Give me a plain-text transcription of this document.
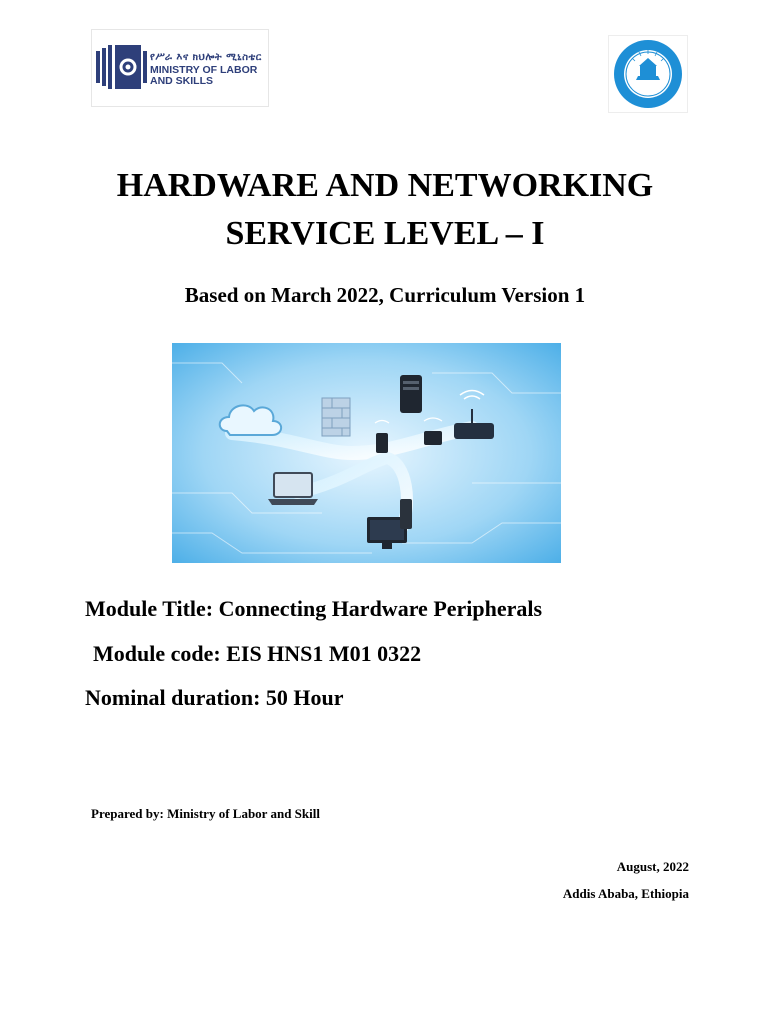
የሥራ እና ክህሎት ሚኒስቴር
MINISTRY OF LABOR AND SKILLS
HARDWARE AND NETWORKING
SERVICE LEVEL – I
Based on March 2022, Curriculum Version 1
Module Title: Connecting Hardware Peripherals
Module code: EIS HNS1 M01 0322
Nominal duration: 50 Hour
Prepared by: Ministry of Labor and Skill
August, 2022
Addis Ababa, Ethiopia
